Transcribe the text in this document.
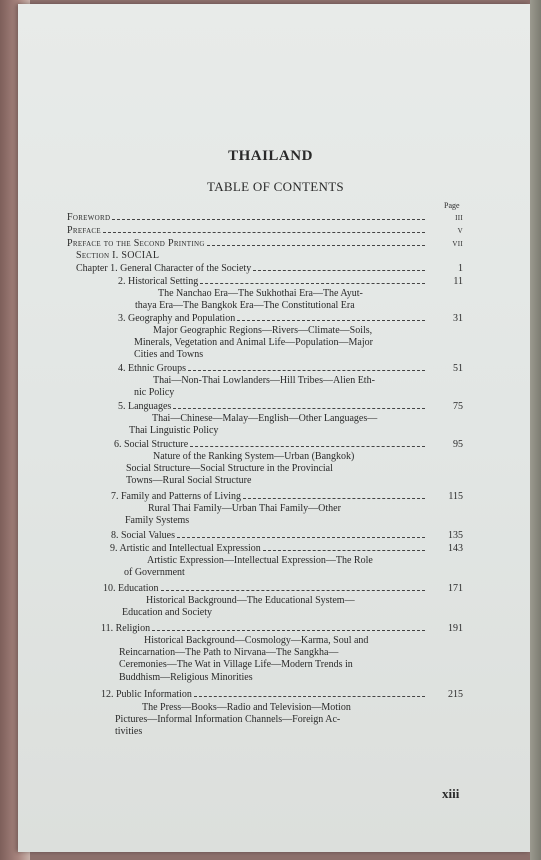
THAILAND
TABLE OF CONTENTS
Page
Foreword	iii
Preface	v
Preface to the Second Printing	vii
Section I. SOCIAL
Chapter 1. General Character of the Society	1
2. Historical Setting	11
The Nanchao Era—The Sukhothai Era—The Ayut-
thaya Era—The Bangkok Era—The Constitutional Era
3. Geography and Population	31
Major Geographic Regions—Rivers—Climate—Soils,
Minerals, Vegetation and Animal Life—Population—Major
Cities and Towns
4. Ethnic Groups	51
Thai—Non-Thai Lowlanders—Hill Tribes—Alien Eth-
nic Policy
5. Languages	75
Thai—Chinese—Malay—English—Other Languages—
Thai Linguistic Policy
6. Social Structure	95
Nature of the Ranking System—Urban (Bangkok)
Social Structure—Social Structure in the Provincial
Towns—Rural Social Structure
7. Family and Patterns of Living	115
Rural Thai Family—Urban Thai Family—Other
Family Systems
8. Social Values	135
9. Artistic and Intellectual Expression	143
Artistic Expression—Intellectual Expression—The Role
of Government
10. Education	171
Historical Background—The Educational System—
Education and Society
11. Religion	191
Historical Background—Cosmology—Karma, Soul and
Reincarnation—The Path to Nirvana—The Sangkha—
Ceremonies—The Wat in Village Life—Modern Trends in
Buddhism—Religious Minorities
12. Public Information	215
The Press—Books—Radio and Television—Motion
Pictures—Informal Information Channels—Foreign Ac-
tivities
xiii
